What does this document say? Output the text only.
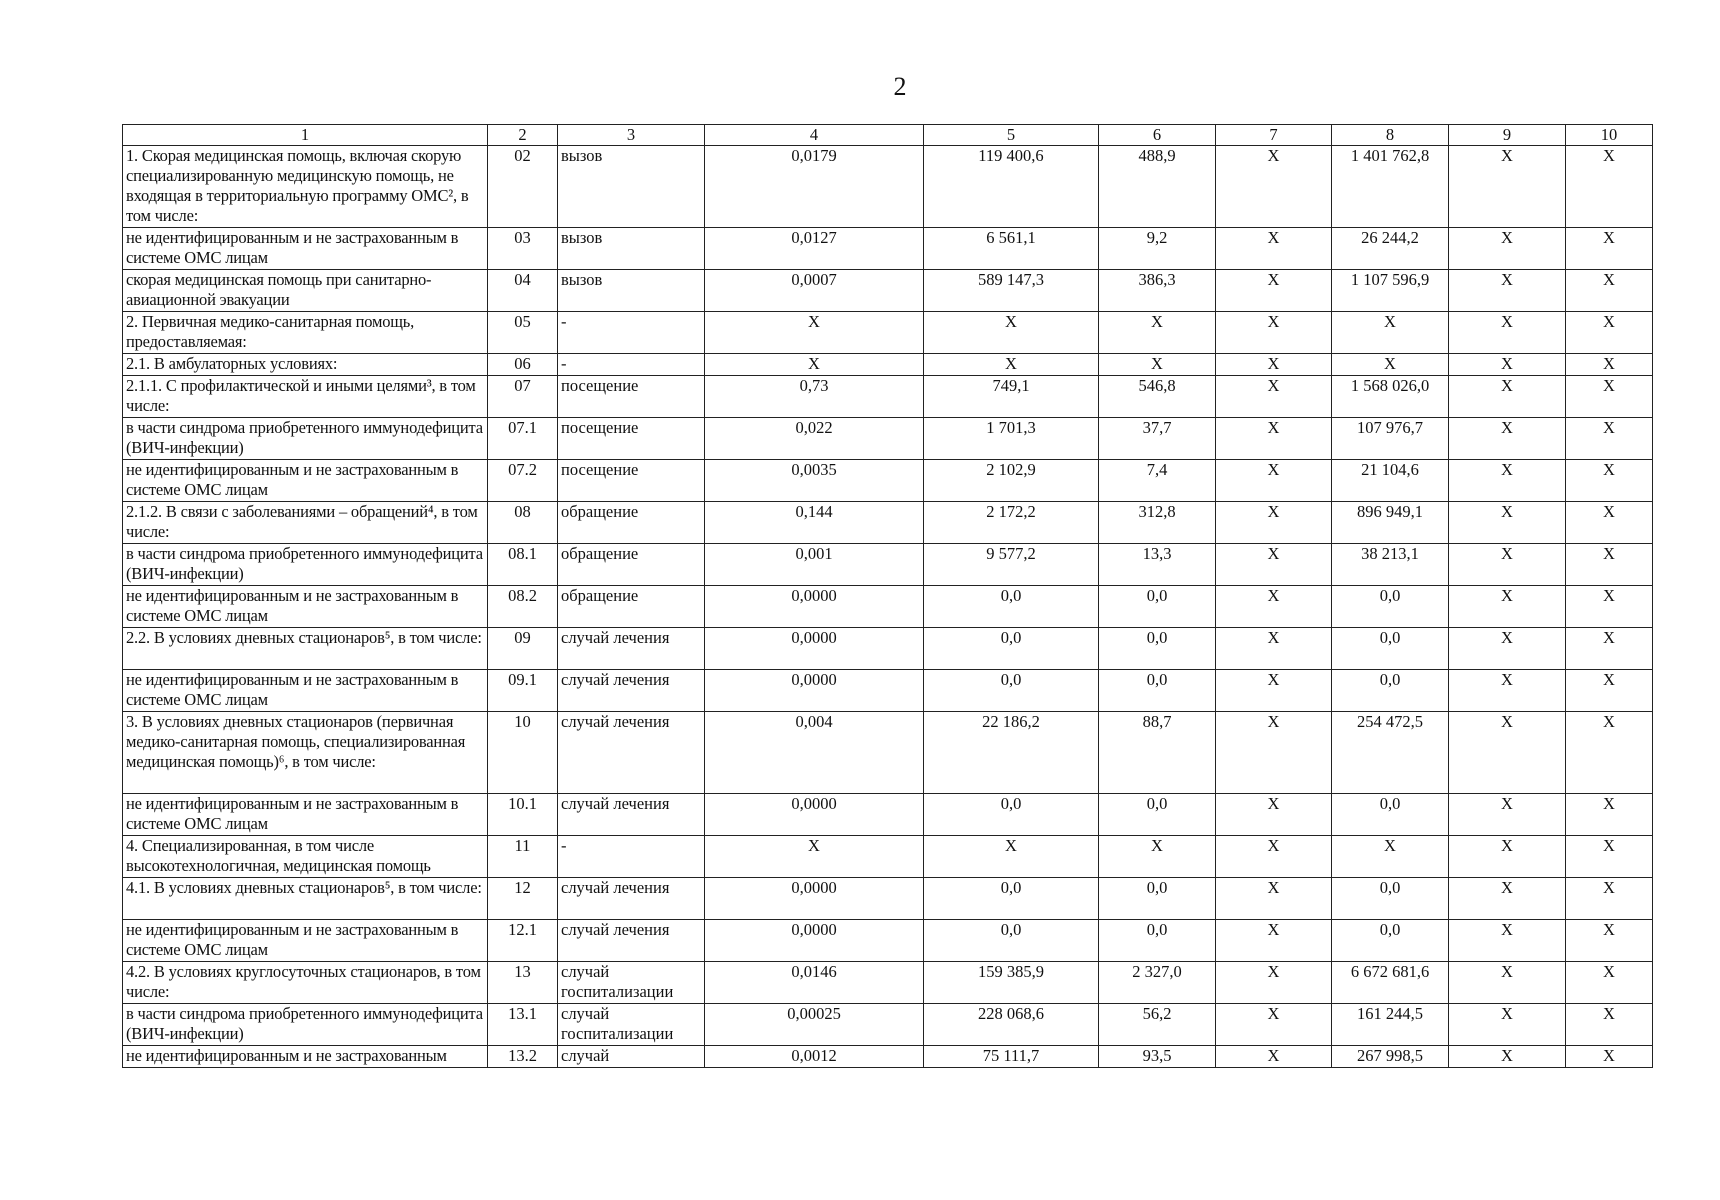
2
1	2	3	4	5	6	7	8	9	10
1. Скорая медицинская помощь, включая скорую специализированную медицинскую помощь, не входящая в территориальную программу ОМС², в том числе:	02	вызов	0,0179	119 400,6	488,9	X	1 401 762,8	X	X
не идентифицированным и не застрахованным в системе ОМС лицам	03	вызов	0,0127	6 561,1	9,2	X	26 244,2	X	X
скорая медицинская помощь при санитарно-авиационной эвакуации	04	вызов	0,0007	589 147,3	386,3	X	1 107 596,9	X	X
2. Первичная медико-санитарная помощь, предоставляемая:	05	-	X	X	X	X	X	X	X
2.1. В амбулаторных условиях:	06	-	X	X	X	X	X	X	X
2.1.1. С профилактической и иными целями³, в том числе:	07	посещение	0,73	749,1	546,8	X	1 568 026,0	X	X
в части синдрома приобретенного иммунодефицита (ВИЧ-инфекции)	07.1	посещение	0,022	1 701,3	37,7	X	107 976,7	X	X
не идентифицированным и не застрахованным в системе ОМС лицам	07.2	посещение	0,0035	2 102,9	7,4	X	21 104,6	X	X
2.1.2. В связи с заболеваниями – обращений⁴, в том числе:	08	обращение	0,144	2 172,2	312,8	X	896 949,1	X	X
в части синдрома приобретенного иммунодефицита (ВИЧ-инфекции)	08.1	обращение	0,001	9 577,2	13,3	X	38 213,1	X	X
не идентифицированным и не застрахованным в системе ОМС лицам	08.2	обращение	0,0000	0,0	0,0	X	0,0	X	X
2.2. В условиях дневных стационаров⁵, в том числе:	09	случай лечения	0,0000	0,0	0,0	X	0,0	X	X
не идентифицированным и не застрахованным в системе ОМС лицам	09.1	случай лечения	0,0000	0,0	0,0	X	0,0	X	X
3. В условиях дневных стационаров (первичная медико-санитарная помощь, специализированная медицинская помощь)⁶, в том числе:	10	случай лечения	0,004	22 186,2	88,7	X	254 472,5	X	X
не идентифицированным и не застрахованным в системе ОМС лицам	10.1	случай лечения	0,0000	0,0	0,0	X	0,0	X	X
4. Специализированная, в том числе высокотехнологичная, медицинская помощь	11	-	X	X	X	X	X	X	X
4.1. В условиях дневных стационаров⁵, в том числе:	12	случай лечения	0,0000	0,0	0,0	X	0,0	X	X
не идентифицированным и не застрахованным в системе ОМС лицам	12.1	случай лечения	0,0000	0,0	0,0	X	0,0	X	X
4.2. В условиях круглосуточных стационаров, в том числе:	13	случай госпитализации	0,0146	159 385,9	2 327,0	X	6 672 681,6	X	X
в части синдрома приобретенного иммунодефицита (ВИЧ-инфекции)	13.1	случай госпитализации	0,00025	228 068,6	56,2	X	161 244,5	X	X
не идентифицированным и не застрахованным	13.2	случай	0,0012	75 111,7	93,5	X	267 998,5	X	X
